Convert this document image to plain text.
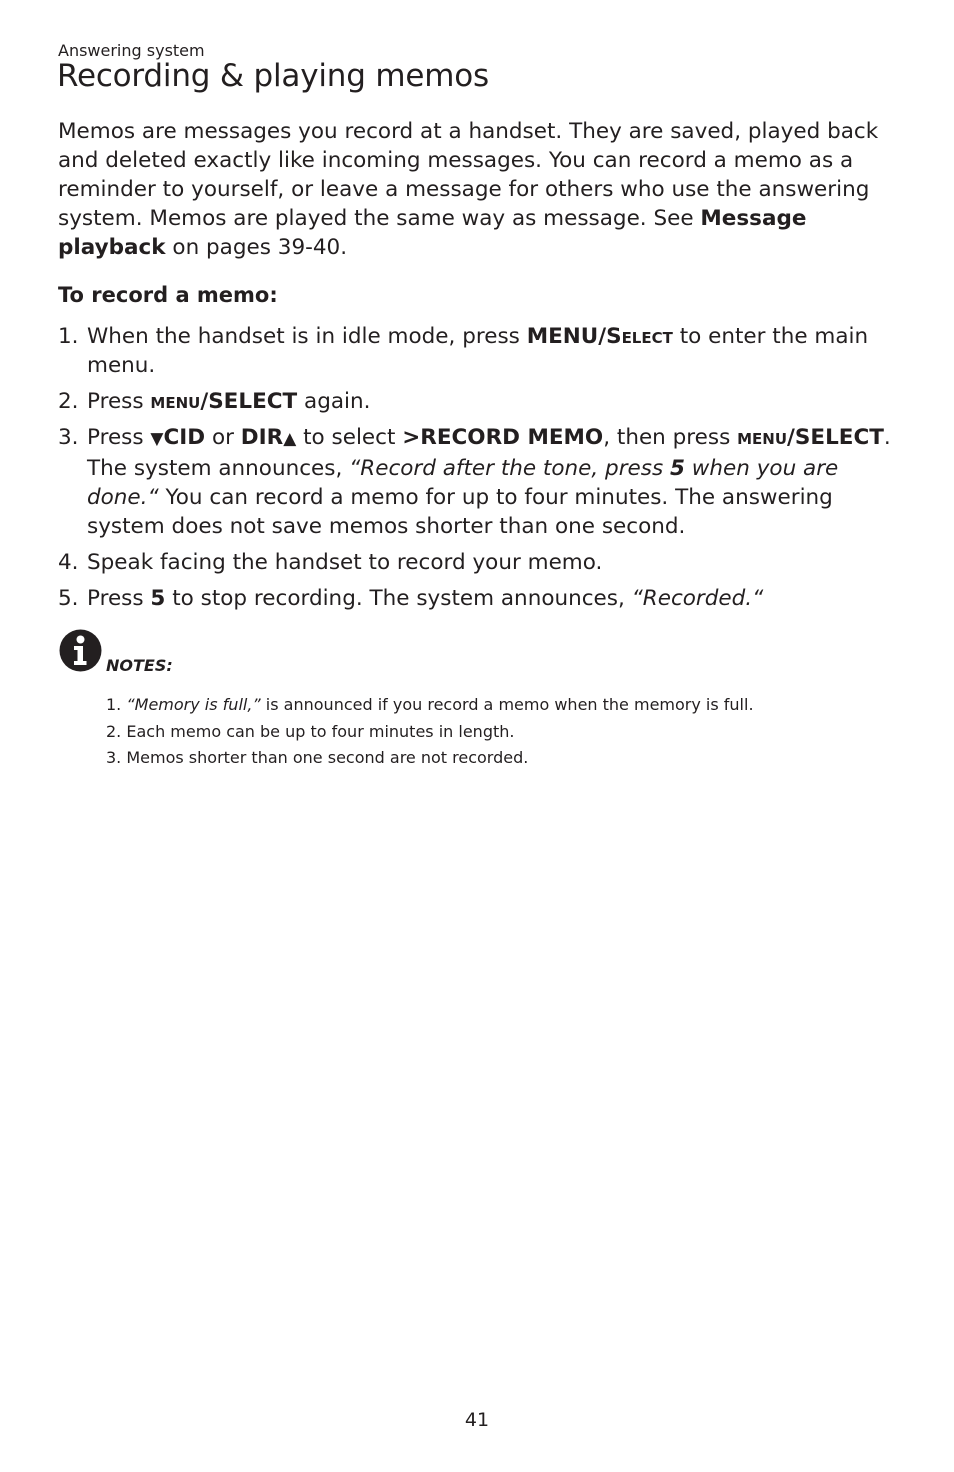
Answering system

Recording & playing memos

Memos are messages you record at a handset. They are saved, played back and deleted exactly like incoming messages. You can record a memo as a reminder to yourself, or leave a message for others who use the answering system. Memos are played the same way as message. See Message playback on pages 39-40.

To record a memo:

1. When the handset is in idle mode, press MENU/Select to enter the main menu.

2. Press menu/SELECT again.

3. Press ▼CID or DIR▲ to select >RECORD MEMO, then press menu/SELECT. The system announces, “Record after the tone, press 5 when you are done.“ You can record a memo for up to four minutes. The answering system does not save memos shorter than one second.

4. Speak facing the handset to record your memo.

5. Press 5 to stop recording. The system announces, “Recorded.“

NOTES:

1. “Memory is full,” is announced if you record a memo when the memory is full.
2. Each memo can be up to four minutes in length.
3. Memos shorter than one second are not recorded.

41
